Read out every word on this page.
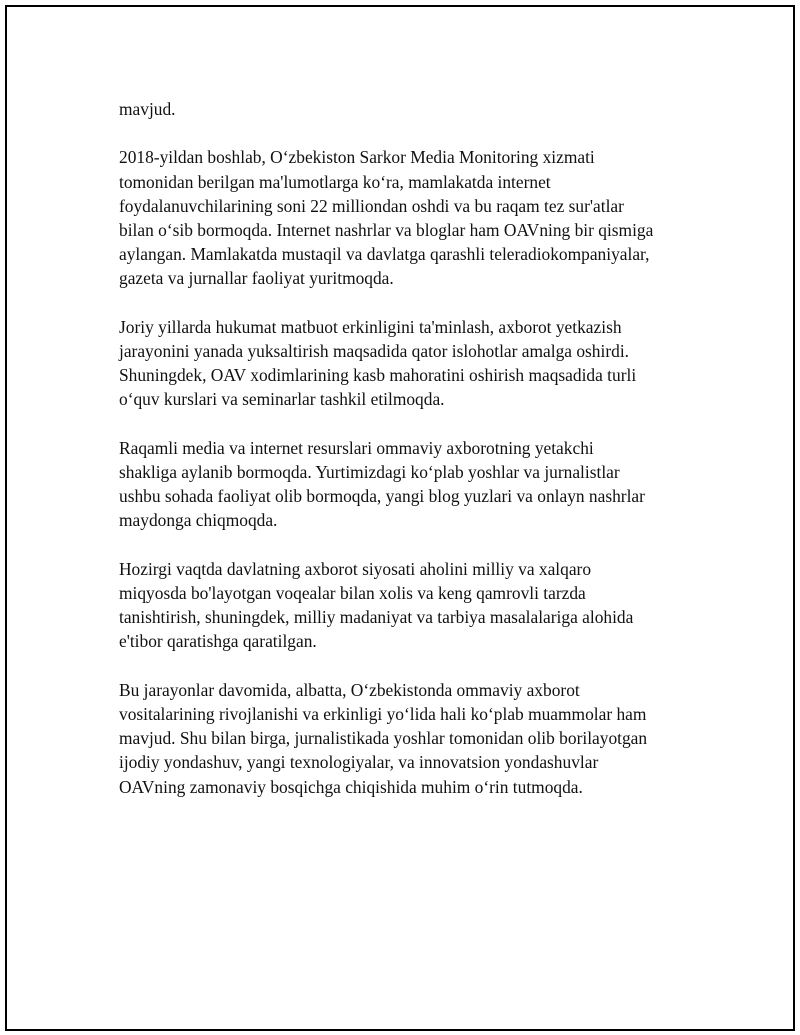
mavjud.

2018-yildan boshlab, O‘zbekiston Sarkor Media Monitoring xizmati
tomonidan berilgan ma'lumotlarga ko‘ra, mamlakatda internet
foydalanuvchilarining soni 22 milliondan oshdi va bu raqam tez sur'atlar
bilan o‘sib bormoqda. Internet nashrlar va bloglar ham OAVning bir qismiga
aylangan. Mamlakatda mustaqil va davlatga qarashli teleradiokompaniyalar,
gazeta va jurnallar faoliyat yuritmoqda.

Joriy yillarda hukumat matbuot erkinligini ta'minlash, axborot yetkazish
jarayonini yanada yuksaltirish maqsadida qator islohotlar amalga oshirdi.
Shuningdek, OAV xodimlarining kasb mahoratini oshirish maqsadida turli
o‘quv kurslari va seminarlar tashkil etilmoqda.

Raqamli media va internet resurslari ommaviy axborotning yetakchi
shakliga aylanib bormoqda. Yurtimizdagi ko‘plab yoshlar va jurnalistlar
ushbu sohada faoliyat olib bormoqda, yangi blog yuzlari va onlayn nashrlar
maydonga chiqmoqda.

Hozirgi vaqtda davlatning axborot siyosati aholini milliy va xalqaro
miqyosda bo'layotgan voqealar bilan xolis va keng qamrovli tarzda
tanishtirish, shuningdek, milliy madaniyat va tarbiya masalalariga alohida
e'tibor qaratishga qaratilgan.

Bu jarayonlar davomida, albatta, O‘zbekistonda ommaviy axborot
vositalarining rivojlanishi va erkinligi yo‘lida hali ko‘plab muammolar ham
mavjud. Shu bilan birga, jurnalistikada yoshlar tomonidan olib borilayotgan
ijodiy yondashuv, yangi texnologiyalar, va innovatsion yondashuvlar
OAVning zamonaviy bosqichga chiqishida muhim o‘rin tutmoqda.
